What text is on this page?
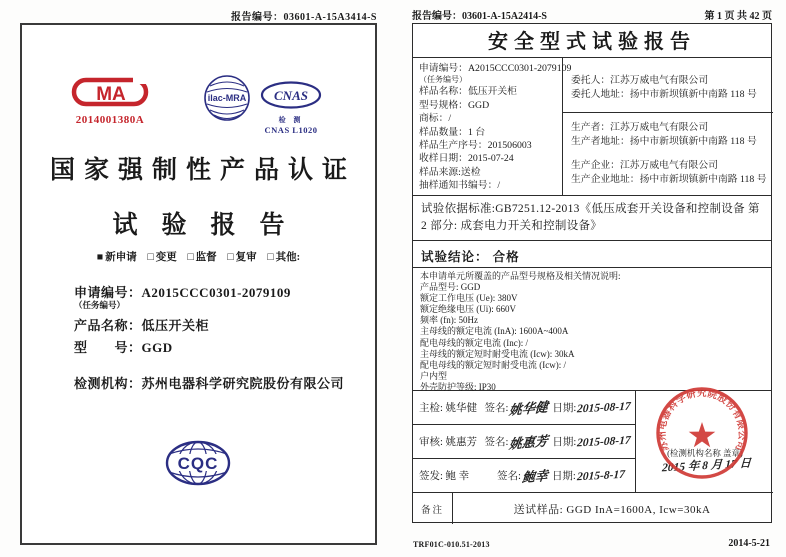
报告编号：03601-A-15A3414-S
MA
2014001380A
ilac-MRA CNAS
检 测
CNAS L1020
国家强制性产品认证
试验报告
■ 新申请 □ 变更 □ 监督 □ 复审 □ 其他:
申请编号：A2015CCC0301-2079109
（任务编号）
产品名称：低压开关柜
型　　号：GGD
检测机构：苏州电器科学研究院股份有限公司
CQC
报告编号：03601-A-15A2414-S	第 1 页 共 42 页
安全型式试验报告
申请编号：A2015CCC0301-2079109
（任务编号）
样品名称：低压开关柜
型号规格：GGD
商标：/
样品数量：1 台
样品生产序号：201506003
收样日期：2015-07-24
样品来源:送检
抽样通知书编号：/
委托人：江苏万威电气有限公司
委托人地址：扬中市新坝镇新中南路 118 号
生产者：江苏万威电气有限公司
生产者地址：扬中市新坝镇新中南路 118 号
生产企业：江苏万威电气有限公司
生产企业地址：扬中市新坝镇新中南路 118 号
试验依据标准:GB7251.12-2013《低压成套开关设备和控制设备 第 2 部分: 成套电力开关和控制设备》
试验结论： 合格
本申请单元所覆盖的产品型号规格及相关情况说明:
产品型号: GGD
额定工作电压 (Ue): 380V
额定绝缘电压 (Ui): 660V
频率 (fn): 50Hz
主母线的额定电流 (InA): 1600A~400A
配电母线的额定电流 (Inc): /
主母线的额定短时耐受电流 (Icw): 30kA
配电母线的额定短时耐受电流 (Icw): /
户内型
外壳防护等级: IP30
主检: 姚华健 签名: 姚华健 日期: 2015-08-17
审核: 姚惠芳 签名: 姚惠芳 日期: 2015-08-17
签发: 鲍 幸	签名: 鲍幸 日期: 2015-8-17
(检测机构名称 盖章)
2015 年 8 月 17 日
苏州电器科学研究院股份有限公司
备注	送试样品: GGD InA=1600A, Icw=30kA
TRF01C-010.51-2013	2014-5-21
